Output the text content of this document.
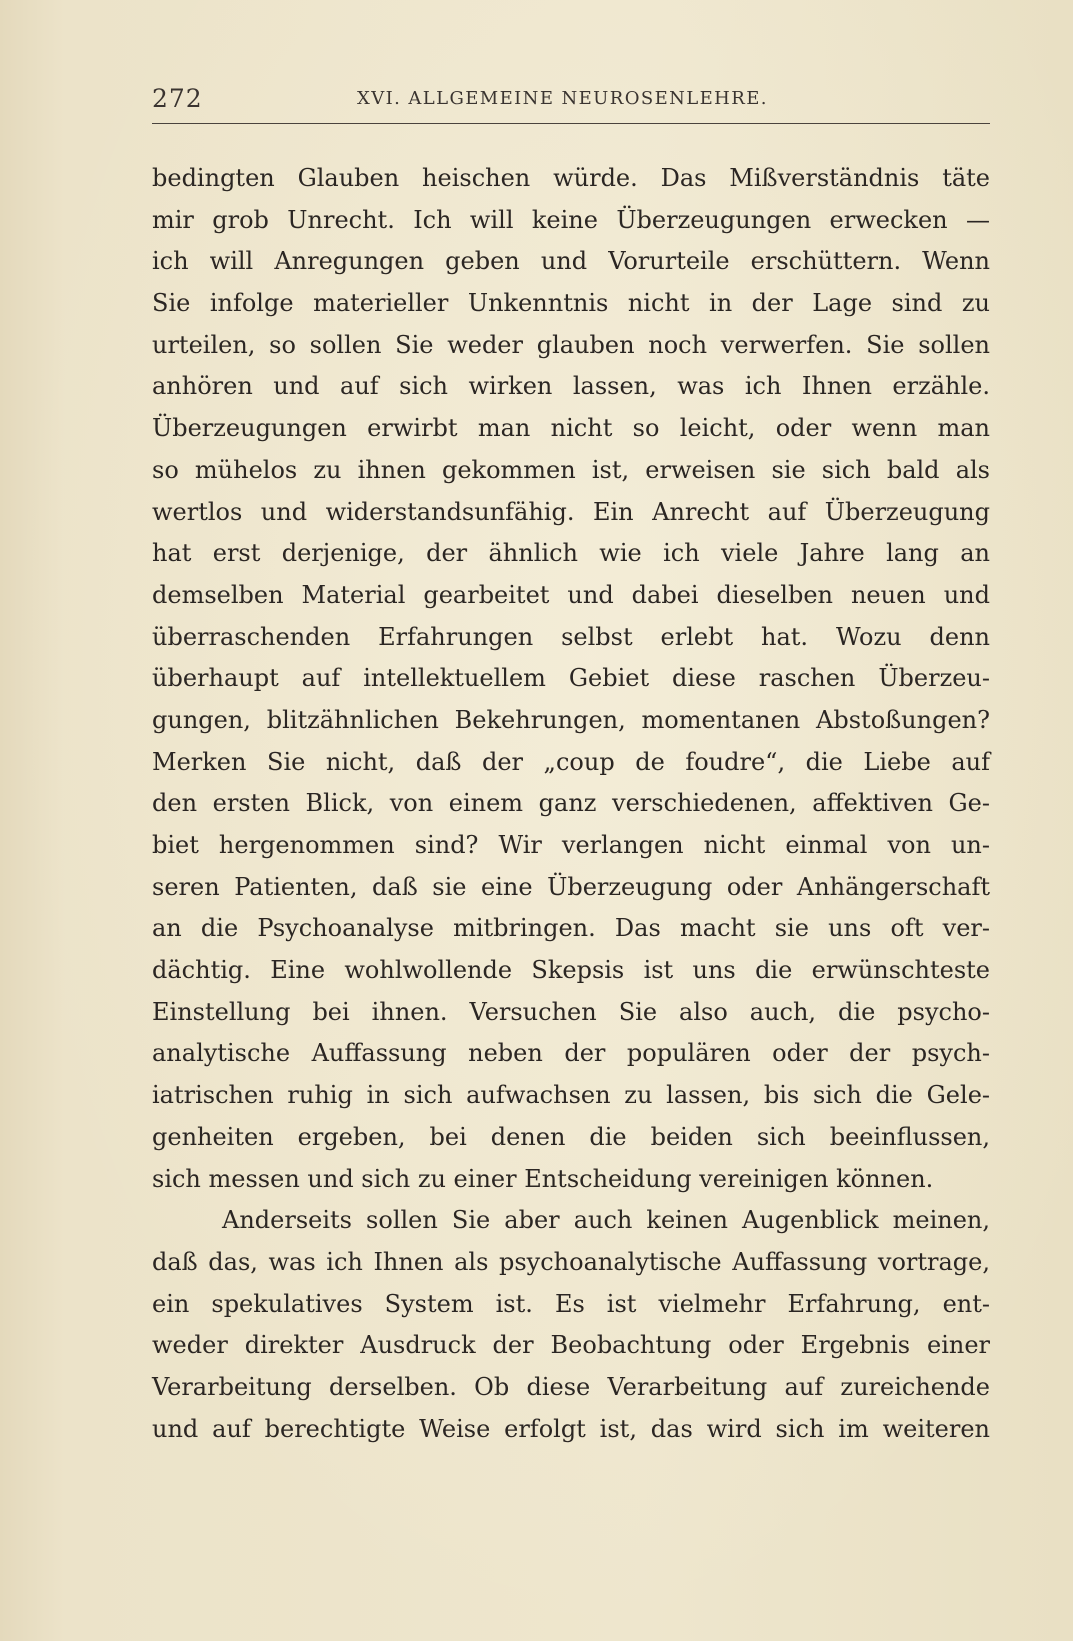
272	XVI. ALLGEMEINE NEUROSENLEHRE.
bedingten Glauben heischen würde. Das Mißverständnis täte
mir grob Unrecht. Ich will keine Überzeugungen erwecken —
ich will Anregungen geben und Vorurteile erschüttern. Wenn
Sie infolge materieller Unkenntnis nicht in der Lage sind zu
urteilen, so sollen Sie weder glauben noch verwerfen. Sie sollen
anhören und auf sich wirken lassen, was ich Ihnen erzähle.
Überzeugungen erwirbt man nicht so leicht, oder wenn man
so mühelos zu ihnen gekommen ist, erweisen sie sich bald als
wertlos und widerstandsunfähig. Ein Anrecht auf Überzeugung
hat erst derjenige, der ähnlich wie ich viele Jahre lang an
demselben Material gearbeitet und dabei dieselben neuen und
überraschenden Erfahrungen selbst erlebt hat. Wozu denn
überhaupt auf intellektuellem Gebiet diese raschen Überzeu-
gungen, blitzähnlichen Bekehrungen, momentanen Abstoßungen?
Merken Sie nicht, daß der „coup de foudre“, die Liebe auf
den ersten Blick, von einem ganz verschiedenen, affektiven Ge-
biet hergenommen sind? Wir verlangen nicht einmal von un-
seren Patienten, daß sie eine Überzeugung oder Anhängerschaft
an die Psychoanalyse mitbringen. Das macht sie uns oft ver-
dächtig. Eine wohlwollende Skepsis ist uns die erwünschteste
Einstellung bei ihnen. Versuchen Sie also auch, die psycho-
analytische Auffassung neben der populären oder der psych-
iatrischen ruhig in sich aufwachsen zu lassen, bis sich die Gele-
genheiten ergeben, bei denen die beiden sich beeinflussen,
sich messen und sich zu einer Entscheidung vereinigen können.
Anderseits sollen Sie aber auch keinen Augenblick meinen,
daß das, was ich Ihnen als psychoanalytische Auffassung vortrage,
ein spekulatives System ist. Es ist vielmehr Erfahrung, ent-
weder direkter Ausdruck der Beobachtung oder Ergebnis einer
Verarbeitung derselben. Ob diese Verarbeitung auf zureichende
und auf berechtigte Weise erfolgt ist, das wird sich im weiteren
